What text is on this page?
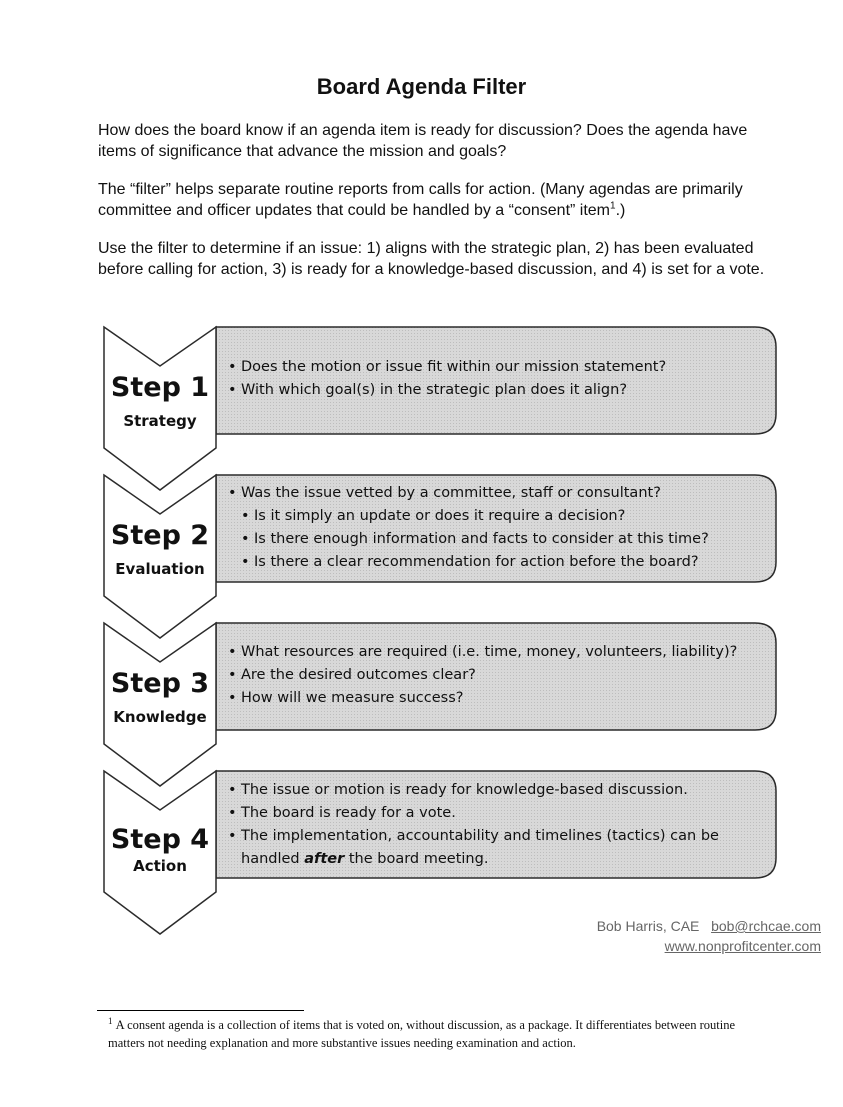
Board Agenda Filter
How does the board know if an agenda item is ready for discussion? Does the agenda have items of significance that advance the mission and goals?
The “filter” helps separate routine reports from calls for action. (Many agendas are primarily committee and officer updates that could be handled by a “consent” item$^1$.)
Use the filter to determine if an issue: 1) aligns with the strategic plan, 2) has been evaluated before calling for action, 3) is ready for a knowledge-based discussion, and 4) is set for a vote.
Step 1
Strategy
Step 2
Evaluation
Step 3
Knowledge
Step 4
Action
• Does the motion or issue fit within our mission statement?
• With which goal(s) in the strategic plan does it align?
• Was the issue vetted by a committee, staff or consultant?
• Is it simply an update or does it require a decision?
• Is there enough information and facts to consider at this time?
• Is there a clear recommendation for action before the board?
• What resources are required (i.e. time, money, volunteers, liability)?
• Are the desired outcomes clear?
• How will we measure success?
• The issue or motion is ready for knowledge-based discussion.
• The board is ready for a vote.
• The implementation, accountability and timelines (tactics) can be handled after the board meeting.
Bob Harris, CAE bob@rchcae.com
www.nonprofitcenter.com
$^1$ A consent agenda is a collection of items that is voted on, without discussion, as a package. It differentiates between routine matters not needing explanation and more substantive issues needing examination and action.
